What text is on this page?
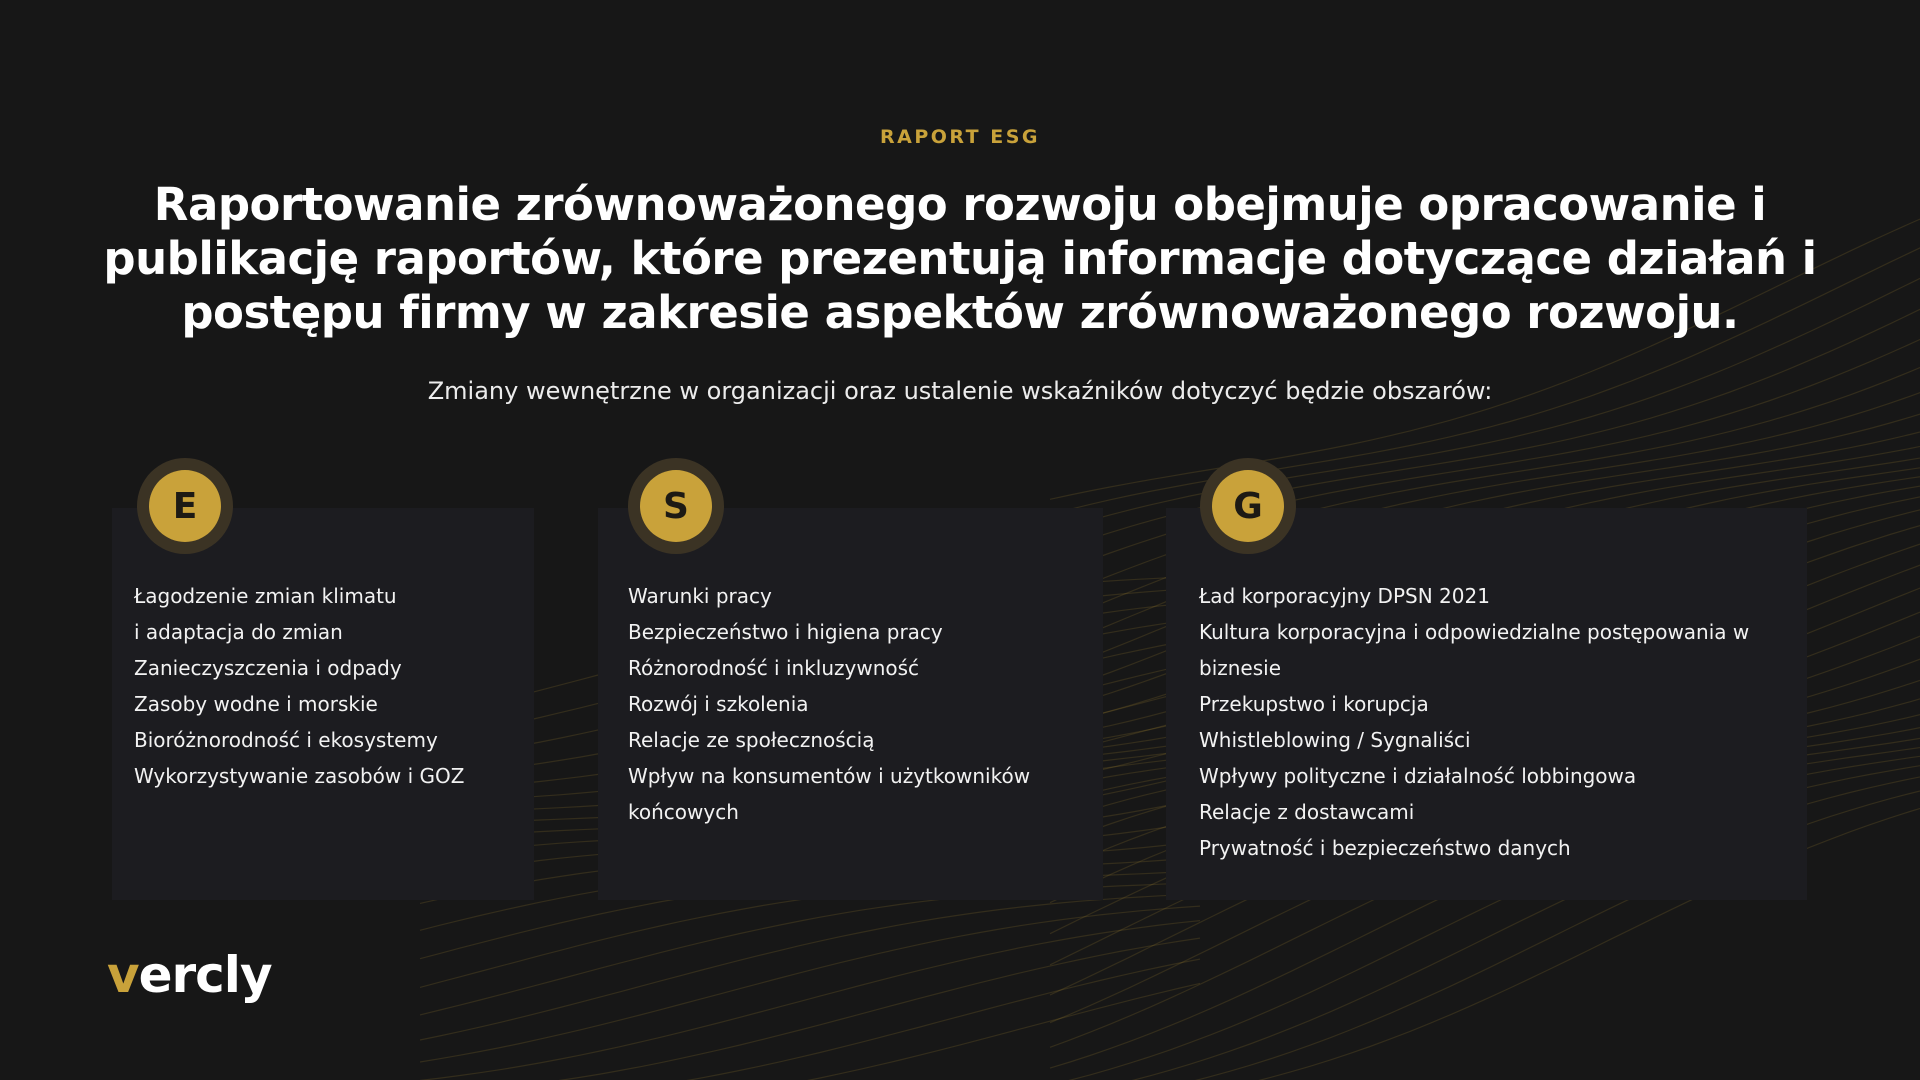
RAPORT ESG
Raportowanie zrównoważonego rozwoju obejmuje opracowanie i publikację raportów, które prezentują informacje dotyczące działań i postępu firmy w zakresie aspektów zrównoważonego rozwoju.

Zmiany wewnętrzne w organizacji oraz ustalenie wskaźników dotyczyć będzie obszarów:

E
Łagodzenie zmian klimatu
i adaptacja do zmian
Zanieczyszczenia i odpady
Zasoby wodne i morskie
Bioróżnorodność i ekosystemy
Wykorzystywanie zasobów i GOZ
S
Warunki pracy
Bezpieczeństwo i higiena pracy
Różnorodność i inkluzywność
Rozwój i szkolenia
Relacje ze społecznością
Wpływ na konsumentów i użytkowników końcowych
G
Ład korporacyjny DPSN 2021
Kultura korporacyjna i odpowiedzialne postępowania w biznesie
Przekupstwo i korupcja
Whistleblowing / Sygnaliści
Wpływy polityczne i działalność lobbingowa
Relacje z dostawcami
Prywatność i bezpieczeństwo danych
vercly
